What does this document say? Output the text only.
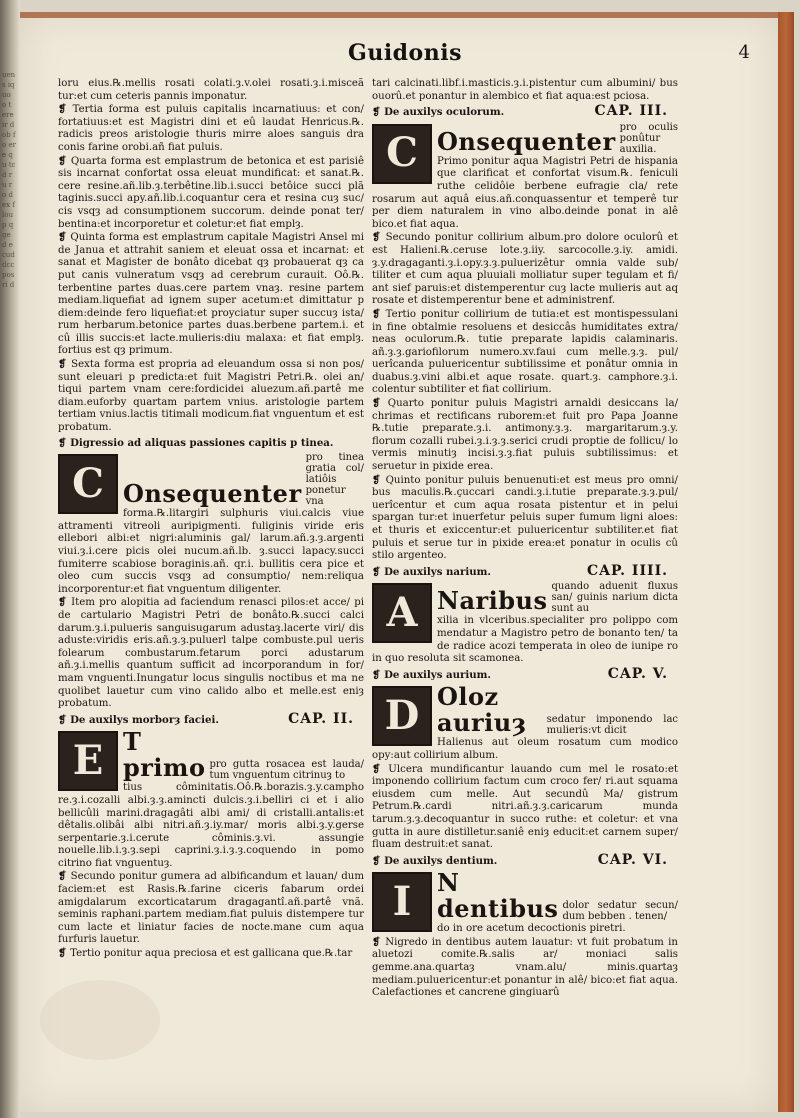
uens iquo o t ere ir d ob fo ere qu tcd ru r o d ex f lou p q ge d ecud dcc pos ri d
Guidonis	4

loru eius.℞.mellis rosati colati.ȝ.v.olei rosati.ȝ.i.misceã tur:et cum ceteris pannis imponatur.

❡ Tertia forma est puluis capitalis incarnatiuus: et con/ fortatiuus:et est Magistri dini et eû laudat Henricus.℞. radicis preos aristologie thuris mirre aloes sanguis dra conis farine orobi.añ fiat puluis.

❡ Quarta forma est emplastrum de betonica et est parisiê sis incarnat confortat ossa eleuat mundificat: et sanat.℞. cere resine.añ.lib.ȝ.terbêtine.lib.i.succi betôice succi plã taginis.succi apy.añ.lib.i.coquantur cera et resina cuȝ suc/ cis vsqȝ ad consumptionem succorum. deinde ponat ter/ bentina:et incorporetur et coletur:et fiat emplȝ.

❡ Quinta forma est emplastrum capitale Magistri Ansel mi de Janua et attrahit saniem et eleuat ossa et incarnat: et sanat et Magister de bonâto dicebat qȝ probauerat qȝ ca put canis vulneratum vsqȝ ad cerebrum curauit. Oô.℞. terbentine partes duas.cere partem vnaȝ. resine partem mediam.liquefiat ad ignem super acetum:et dimittatur p diem:deinde fero liquefiat:et proyciatur super succuȝ ista/ rum herbarum.betonice partes duas.berbene partem.i. et cû illis succis:et lacte.mulieris:diu malaxa: et fiat emplȝ. fortius est qȝ primum.

❡ Sexta forma est propria ad eleuandum ossa si non pos/ sunt eleuari p predicta:et fuit Magistri Petri.℞. olei an/ tiqui partem vnam cere:fordicidei aluezum.añ.partê me diam.euforby quartam partem vnius. aristologie partem tertiam vnius.lactis titimali modicum.fiat vnguentum et est probatum.

❡ Digressio ad aliquas passiones capitis p tinea.
C Onsequenter
pro tinea gratia col/ latiôis ponetur vna

forma.℞.litargiri sulphuris viui.calcis viue attramenti vitreoli auripigmenti. fuliginis viride eris ellebori albi:et nigri:aluminis gal/ larum.añ.ȝ.ȝ.argenti viui.ȝ.i.cere picis olei nucum.añ.lb. ȝ.succi lapacy.succi fumiterre scabiose boraginis.añ. qr.i. bullitis cera pice et oleo cum succis vsqȝ ad consumptio/ nem:reliqua incorporentur:et fiat vnguentum diligenter.

❡ Item pro alopitia ad faciendum renasci pilos:et acce/ pi de cartulario Magistri Petri de bonâto.℞.succi calci darum.ȝ.i.pulueris sanguisugarum adustaȝ.lacerte viri/ dis aduste:viridis eris.añ.ȝ.ȝ.puluerl talpe combuste.pul ueris folearum combustarum.fetarum porci adustarum añ.ȝ.i.mellis quantum sufficit ad incorporandum in for/ mam vnguenti.Inungatur locus singulis noctibus et ma ne quolibet lauetur cum vino calido albo et melle.est eniȝ probatum.

❡ De auxilys morborȝ faciei.	CAP. II.
E T primo pro gutta rosacea est lauda/ tum vnguentum citrinuȝ to

tius côminitatis.Oô.℞.borazis.ȝ.y.campho re.ȝ.i.cozalli albi.ȝ.ȝ.amincti dulcis.ȝ.i.belliri ci et i alio bellicûli marini.dragagâti albi ami/ di cristalli.antalis:et dêtalis.olibâi albi nitri.añ.ȝ.iy.mar/ moris albi.ȝ.y.gerse serpentarie.ȝ.i.cerute côminis.ȝ.vi. assungie nouelle.lib.i.ȝ.ȝ.sepi caprini.ȝ.i.ȝ.ȝ.coquendo in pomo citrino fiat vnguentuȝ.

❡ Secundo ponitur gumera ad albificandum et lauan/ dum faciem:et est Rasis.℞.farine ciceris fabarum ordei amigdalarum excorticatarum dragagantî.añ.partê vnã. seminis raphani.partem mediam.fiat puluis distempere tur cum lacte et liniatur facies de nocte.mane cum aqua furfuris lauetur.

❡ Tertio ponitur aqua preciosa et est gallicana que.℞.tar

tari calcinati.libf.i.masticis.ȝ.i.pistentur cum albumini/ bus ouorû.et ponantur in alembico et fiat aqua:est pciosa.

❡ De auxilys oculorum.	CAP. III.
C Onsequenter pro oculis ponûtur auxilia.

Primo ponitur aqua Magistri Petri de hispania que clarificat et confortat visum.℞. feniculi ruthe celidôie berbene eufragie cla/ rete rosarum aut aquâ eius.añ.conquassentur et temperê tur per diem naturalem in vino albo.deinde ponat in alê bico.et fiat aqua.

❡ Secundo ponitur collirium album.pro dolore oculorû et est Halieni.℞.ceruse lote.ȝ.iiy. sarcocolle.ȝ.iy. amidi. ȝ.y.dragaganti.ȝ.i.opy.ȝ.ȝ.puluerizêtur omnia valde sub/ tiliter et cum aqua pluuiali molliatur super tegulam et fi/ ant sief paruis:et distemperentur cuȝ lacte mulieris aut aq rosate et distemperentur bene et administrenf.

❡ Tertio ponitur collirium de tutia:et est montispessulani in fine obtalmie resoluens et desiccâs humiditates extra/ neas oculorum.℞. tutie preparate lapidis calaminaris. añ.ȝ.ȝ.gariofilorum numero.xv.faui cum melle.ȝ.ȝ. pul/ uerîcanda puluericentur subtilissime et ponâtur omnia in duabus.ȝ.vini albi.et aque rosate. quart.ȝ. camphore.ȝ.i. colentur subtiliter et fiat collirium.

❡ Quarto ponitur puluis Magistri arnaldi desiccans la/ chrimas et rectificans ruborem:et fuit pro Papa Joanne ℞.tutie preparate.ȝ.i. antimony.ȝ.ȝ. margaritarum.ȝ.y. florum cozalli rubei.ȝ.i.ȝ.ȝ.serici crudi proptie de follicu/ lo vermis minutiȝ incisi.ȝ.ȝ.fiat puluis subtilissimus: et seruetur in pixide erea.

❡ Quinto ponitur puluis benuenuti:et est meus pro omni/ bus maculis.℞.çuccari candi.ȝ.i.tutie preparate.ȝ.ȝ.pul/ uerîcentur et cum aqua rosata pistentur et in pelui spargan tur:et inuerfetur peluis super fumum ligni aloes: et thuris et exiccentur:et puluericentur subtiliter.et fiat puluis et serue tur in pixide erea:et ponatur in oculis cû stilo argenteo.

❡ De auxilys narium.	CAP. IIII.
A Naribus quando aduenit fluxus san/ guinis narium dicta sunt au

xilia in vlceribus.specialiter pro polippo com mendatur a Magistro petro de bonanto ten/ ta de radice acozi temperata in oleo de iunipe ro in quo resoluta sit scamonea.

❡ De auxilys aurium.	CAP. V.
D Oloz auriuȝ	sedatur imponendo lac mulieris:vt dicit

Halienus aut oleum rosatum cum modico opy:aut collirium album.

❡ Ulcera mundificantur lauando cum mel le rosato:et imponendo collirium factum cum croco fer/ ri.aut squama eiusdem cum melle. Aut secundû Ma/ gistrum Petrum.℞.cardi nitri.añ.ȝ.ȝ.caricarum munda tarum.ȝ.ȝ.decoquantur in succo ruthe: et coletur: et vna gutta in aure distilletur.saniê eniȝ educit:et carnem super/ fluam destruit:et sanat.

❡ De auxilys dentium.	CAP. VI.
I N dentibus dolor sedatur secun/ dum bebben . tenen/

do in ore acetum decoctionis piretri.

❡ Nigredo in dentibus autem lauatur: vt fuit probatum in aluetozi comite.℞.salis ar/ moniaci salis gemme.ana.quartaȝ vnam.alu/ minis.quartaȝ mediam.puluericentur:et ponantur in alê/ bico:et fiat aqua. Calefactiones et cancrene gingiuarû
